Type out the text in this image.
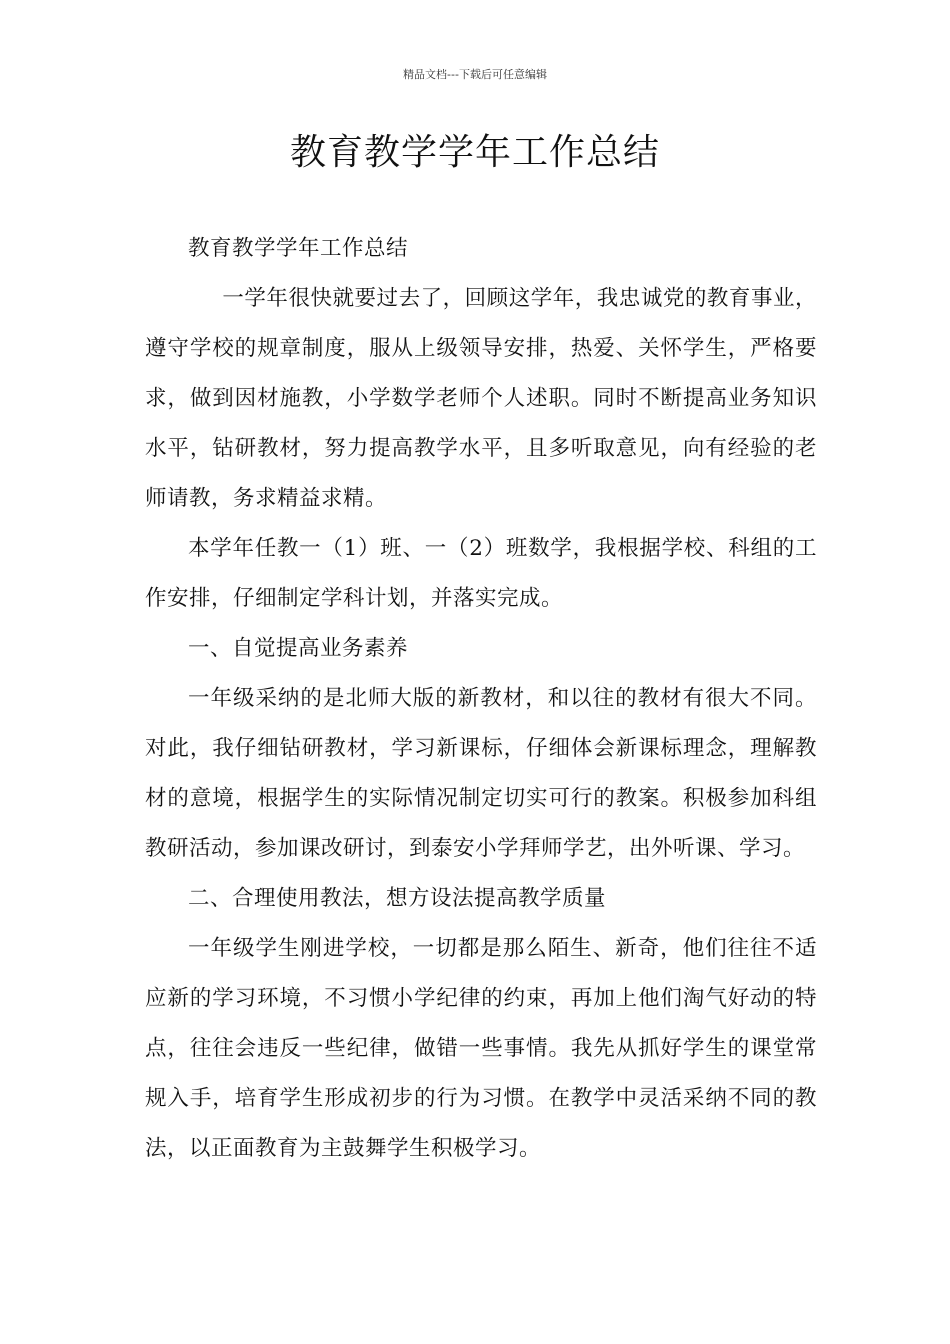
精品文档---下载后可任意编辑
教育教学学年工作总结

教育教学学年工作总结

一学年很快就要过去了，回顾这学年，我忠诚党的教育事业，遵守学校的规章制度，服从上级领导安排，热爱、关怀学生，严格要求，做到因材施教，小学数学老师个人述职。同时不断提高业务知识水平，钻研教材，努力提高教学水平，且多听取意见，向有经验的老师请教，务求精益求精。

本学年任教一（1）班、一（2）班数学，我根据学校、科组的工作安排，仔细制定学科计划，并落实完成。

一、自觉提高业务素养

一年级采纳的是北师大版的新教材，和以往的教材有很大不同。对此，我仔细钻研教材，学习新课标，仔细体会新课标理念，理解教材的意境，根据学生的实际情况制定切实可行的教案。积极参加科组教研活动，参加课改研讨，到泰安小学拜师学艺，出外听课、学习。

二、合理使用教法，想方设法提高教学质量

一年级学生刚进学校，一切都是那么陌生、新奇，他们往往不适应新的学习环境，不习惯小学纪律的约束，再加上他们淘气好动的特点，往往会违反一些纪律，做错一些事情。我先从抓好学生的课堂常规入手，培育学生形成初步的行为习惯。在教学中灵活采纳不同的教法，以正面教育为主鼓舞学生积极学习。
